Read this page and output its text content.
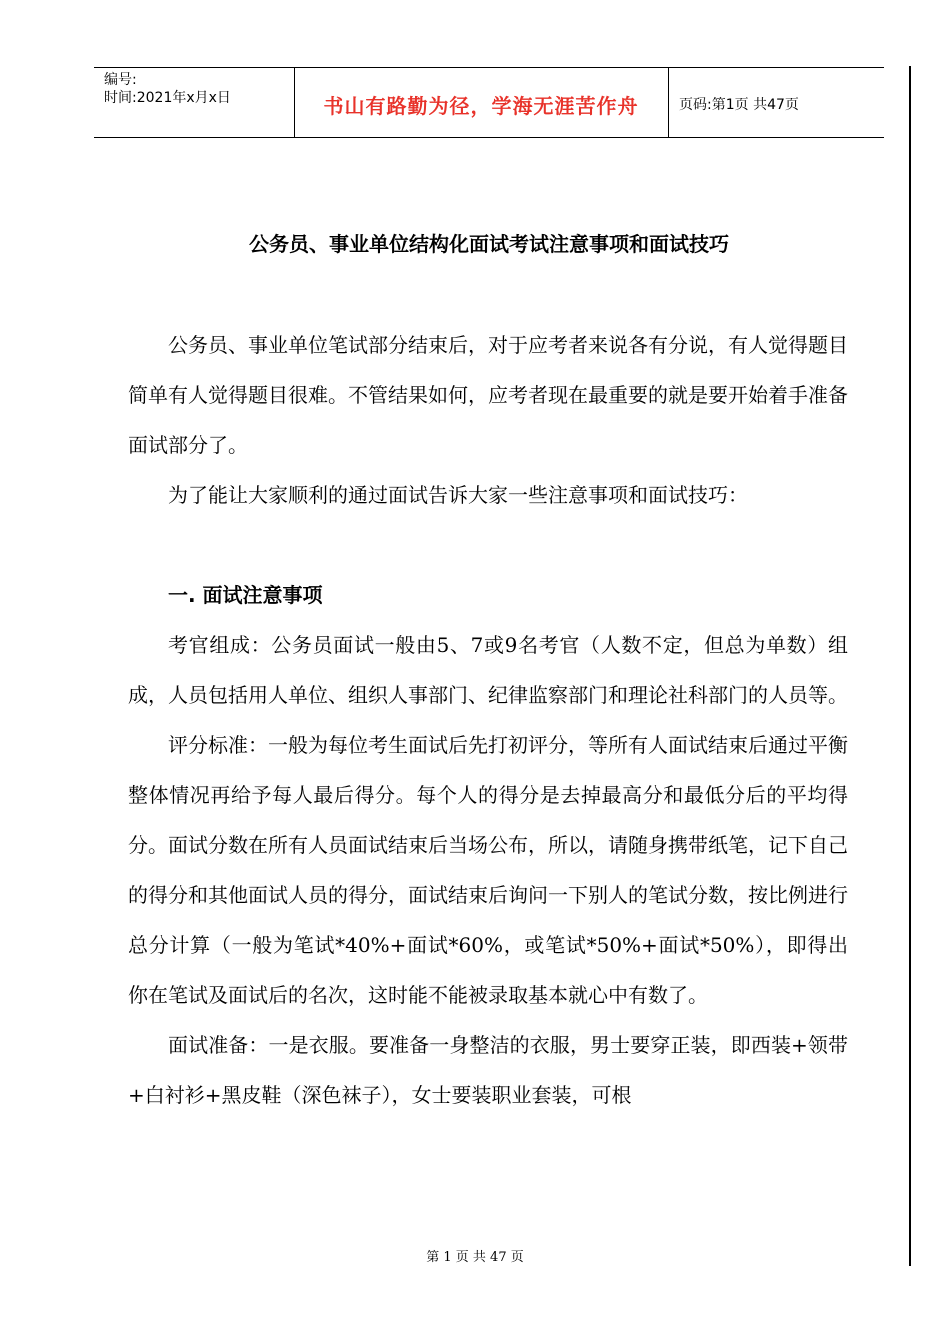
编号:
时间:2021年x月x日	书山有路勤为径，学海无涯苦作舟	页码:第1页 共47页
公务员、事业单位结构化面试考试注意事项和面试技巧

公务员、事业单位笔试部分结束后，对于应考者来说各有分说，有人觉得题目简单有人觉得题目很难。不管结果如何，应考者现在最重要的就是要开始着手准备面试部分了。

为了能让大家顺利的通过面试告诉大家一些注意事项和面试技巧：

一. 面试注意事项

考官组成：公务员面试一般由5、7或9名考官（人数不定，但总为单数）组成，人员包括用人单位、组织人事部门、纪律监察部门和理论社科部门的人员等。

评分标准：一般为每位考生面试后先打初评分，等所有人面试结束后通过平衡整体情况再给予每人最后得分。每个人的得分是去掉最高分和最低分后的平均得分。面试分数在所有人员面试结束后当场公布，所以，请随身携带纸笔，记下自己的得分和其他面试人员的得分，面试结束后询问一下别人的笔试分数，按比例进行总分计算（一般为笔试*40%+面试*60%，或笔试*50%+面试*50%），即得出你在笔试及面试后的名次，这时能不能被录取基本就心中有数了。

面试准备：一是衣服。要准备一身整洁的衣服，男士要穿正装，即西装+领带+白衬衫+黑皮鞋（深色袜子），女士要装职业套装，可根

第 1 页 共 47 页
